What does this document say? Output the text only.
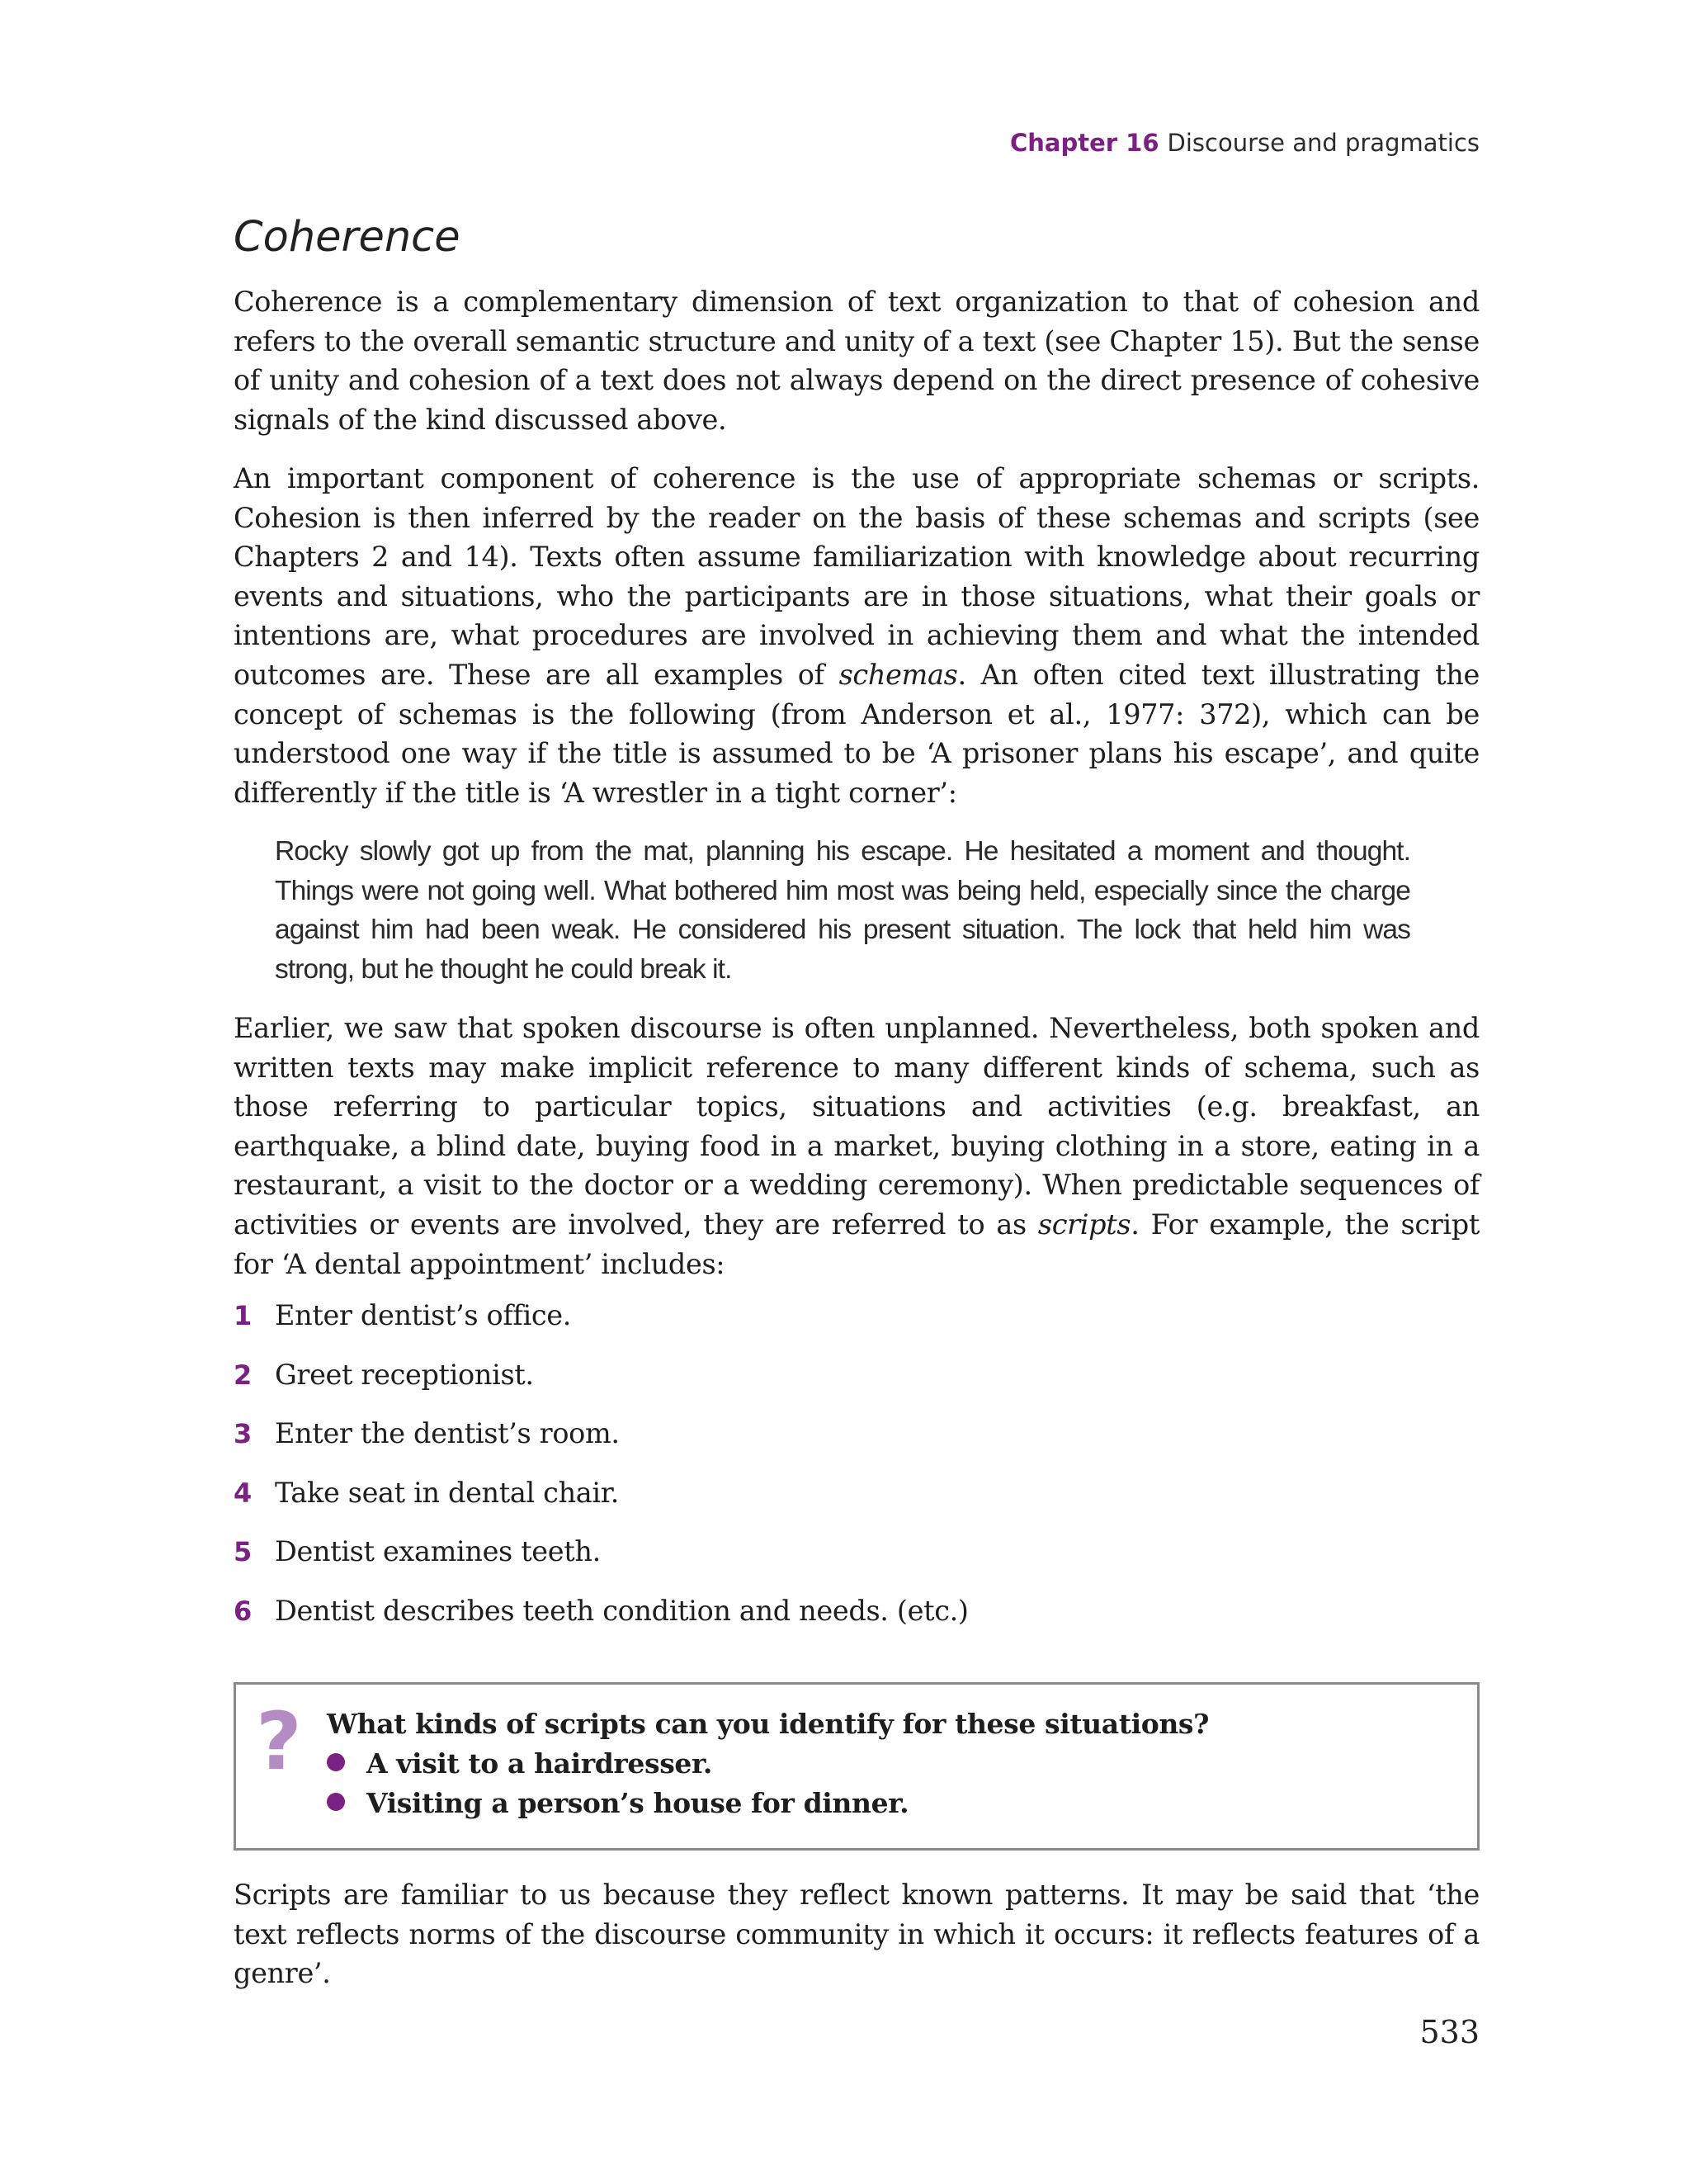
Chapter 16 Discourse and pragmatics
Coherence

Coherence is a complementary dimension of text organization to that of cohesion and refers to the overall semantic structure and unity of a text (see Chapter 15). But the sense of unity and cohesion of a text does not always depend on the direct presence of cohesive signals of the kind discussed above.

An important component of coherence is the use of appropriate schemas or scripts. Cohesion is then inferred by the reader on the basis of these schemas and scripts (see Chapters 2 and 14). Texts often assume familiarization with knowledge about recurring events and situations, who the participants are in those situations, what their goals or intentions are, what procedures are involved in achieving them and what the intended outcomes are. These are all examples of schemas. An often cited text illustrating the concept of schemas is the following (from Anderson et al., 1977: 372), which can be understood one way if the title is assumed to be ‘A prisoner plans his escape’, and quite differently if the title is ‘A wrestler in a tight corner’:

Rocky slowly got up from the mat, planning his escape. He hesitated a moment and thought. Things were not going well. What bothered him most was being held, especially since the charge against him had been weak. He considered his present situation. The lock that held him was strong, but he thought he could break it.

Earlier, we saw that spoken discourse is often unplanned. Nevertheless, both spoken and written texts may make implicit reference to many different kinds of schema, such as those referring to particular topics, situations and activities (e.g. breakfast, an earthquake, a blind date, buying food in a market, buying clothing in a store, eating in a restaurant, a visit to the doctor or a wedding ceremony). When predictable sequences of activities or events are involved, they are referred to as scripts. For example, the script for ‘A dental appointment’ includes:

1 Enter dentist’s office.
2 Greet receptionist.
3 Enter the dentist’s room.
4 Take seat in dental chair.
5 Dentist examines teeth.
6 Dentist describes teeth condition and needs. (etc.)
? What kinds of scripts can you identify for these situations?

A visit to a hairdresser.
Visiting a person’s house for dinner.

Scripts are familiar to us because they reflect known patterns. It may be said that ‘the text reflects norms of the discourse community in which it occurs: it reflects features of a genre’.

533
